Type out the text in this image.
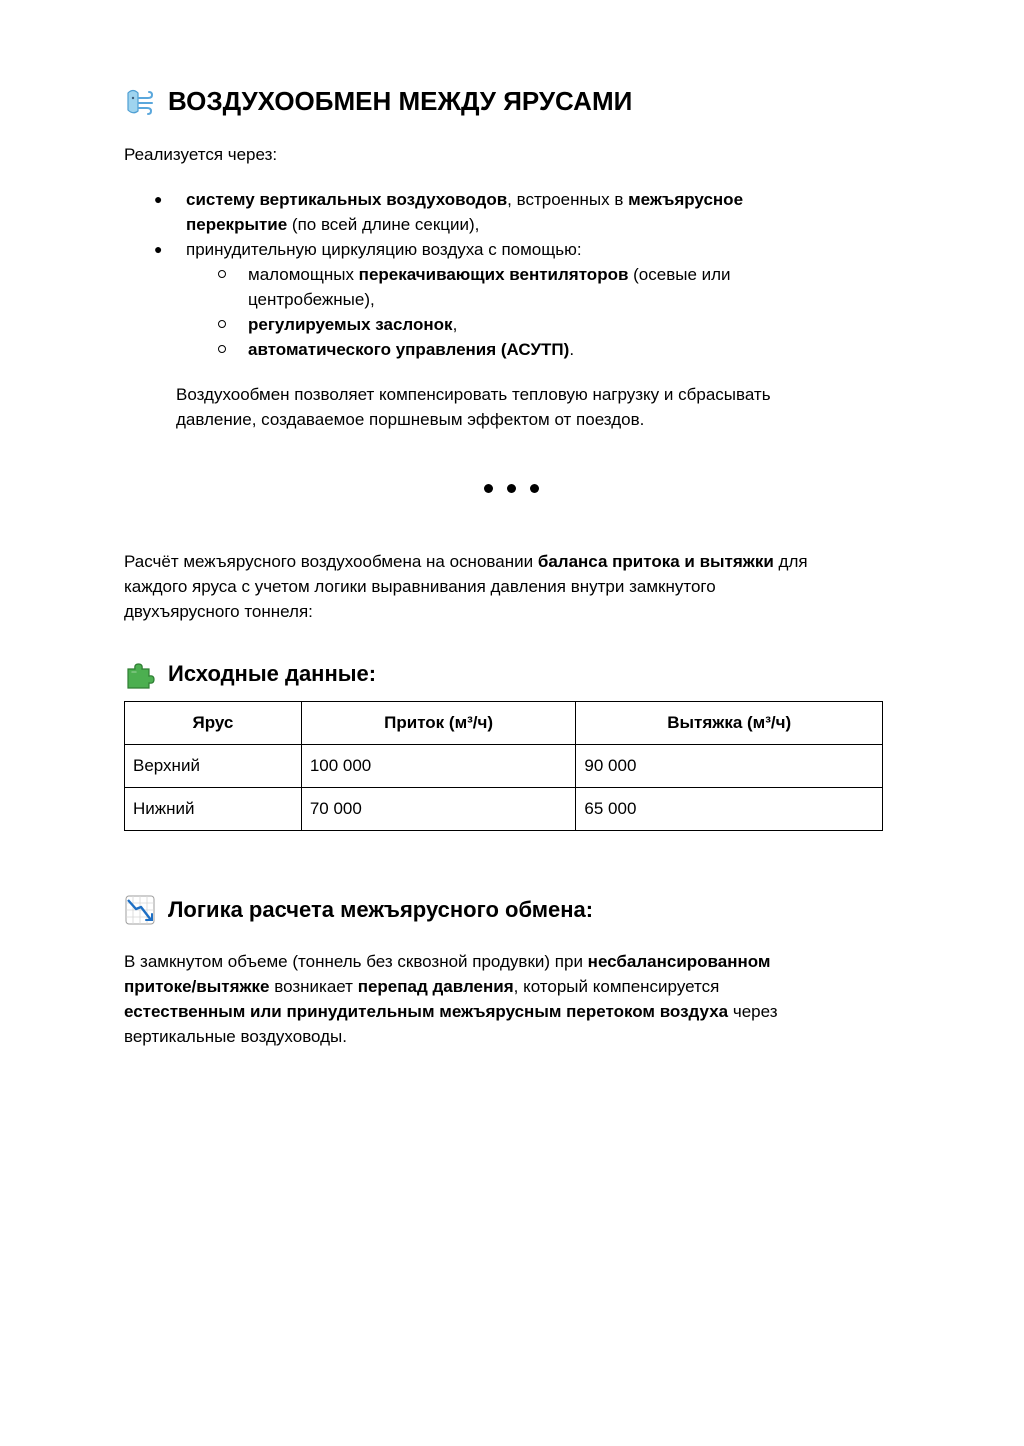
ВОЗДУХООБМЕН МЕЖДУ ЯРУСАМИ
Реализуется через:
● систему вертикальных воздуховодов, встроенных в межъярусное
перекрытие (по всей длине секции),
● принудительную циркуляцию воздуха с помощью:
маломощных перекачивающих вентиляторов (осевые или
центробежные),
регулируемых заслонок,
автоматического управления (АСУТП).
Воздухообмен позволяет компенсировать тепловую нагрузку и сбрасывать
давление, создаваемое поршневым эффектом от поездов.
Расчёт межъярусного воздухообмена на основании баланса притока и вытяжки для
каждого яруса с учетом логики выравнивания давления внутри замкнутого
двухъярусного тоннеля:
Исходные данные:
Ярус	Приток (м³/ч)	Вытяжка (м³/ч)
Верхний	100 000	90 000
Нижний	70 000	65 000
Логика расчета межъярусного обмена:
В замкнутом объеме (тоннель без сквозной продувки) при несбалансированном
притоке/вытяжке возникает перепад давления, который компенсируется
естественным или принудительным межъярусным перетоком воздуха через
вертикальные воздуховоды.
